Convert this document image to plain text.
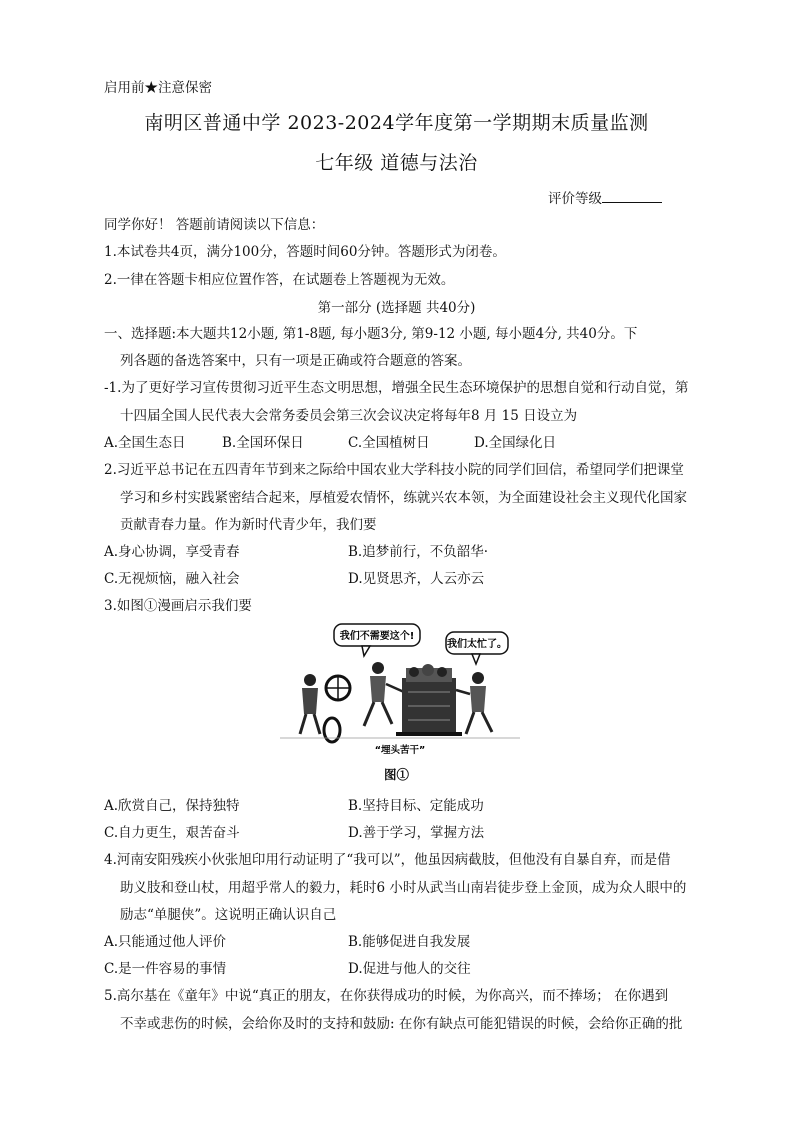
启用前★注意保密
南明区普通中学 2023-2024学年度第一学期期末质量监测
七年级 道德与法治
评价等级
同学你好！ 答题前请阅读以下信息：
1.本试卷共4页，满分100分，答题时间60分钟。答题形式为闭卷。
2.一律在答题卡相应位置作答，在试题卷上答题视为无效。
第一部分 (选择题 共40分)
一、选择题:本大题共12小题, 第1-8题, 每小题3分, 第9-12 小题, 每小题4分, 共40分。下
列各题的备选答案中，只有一项是正确或符合题意的答案。
-1.为了更好学习宣传贯彻习近平生态文明思想，增强全民生态环境保护的思想自觉和行动自觉，第
十四届全国人民代表大会常务委员会第三次会议决定将每年8 月 15 日设立为
A.全国生态日	B.全国环保日	C.全国植树日	D.全国绿化日
2.习近平总书记在五四青年节到来之际给中国农业大学科技小院的同学们回信，希望同学们把课堂
学习和乡村实践紧密结合起来，厚植爱农情怀，练就兴农本领，为全面建设社会主义现代化国家
贡献青春力量。作为新时代青少年，我们要
A.身心协调，享受青春	B.追梦前行，不负韶华·
C.无视烦恼，融入社会	D.见贤思齐，人云亦云
3.如图①漫画启示我们要
我们不需要这个!
我们太忙了。
“埋头苦干”
图①
A.欣赏自己，保持独特	B.坚持目标、定能成功
C.自力更生，艰苦奋斗	D.善于学习，掌握方法
4.河南安阳残疾小伙张旭印用行动证明了“我可以”，他虽因病截肢，但他没有自暴自弃，而是借
助义肢和登山杖，用超乎常人的毅力，耗时6 小时从武当山南岩徒步登上金顶，成为众人眼中的
励志“单腿侠”。这说明正确认识自己
A.只能通过他人评价	B.能够促进自我发展
C.是一件容易的事情	D.促进与他人的交往
5.高尔基在《童年》中说“真正的朋友，在你获得成功的时候，为你高兴，而不捧场； 在你遇到
不幸或悲伤的时候，会给你及时的支持和鼓励: 在你有缺点可能犯错误的时候，会给你正确的批
